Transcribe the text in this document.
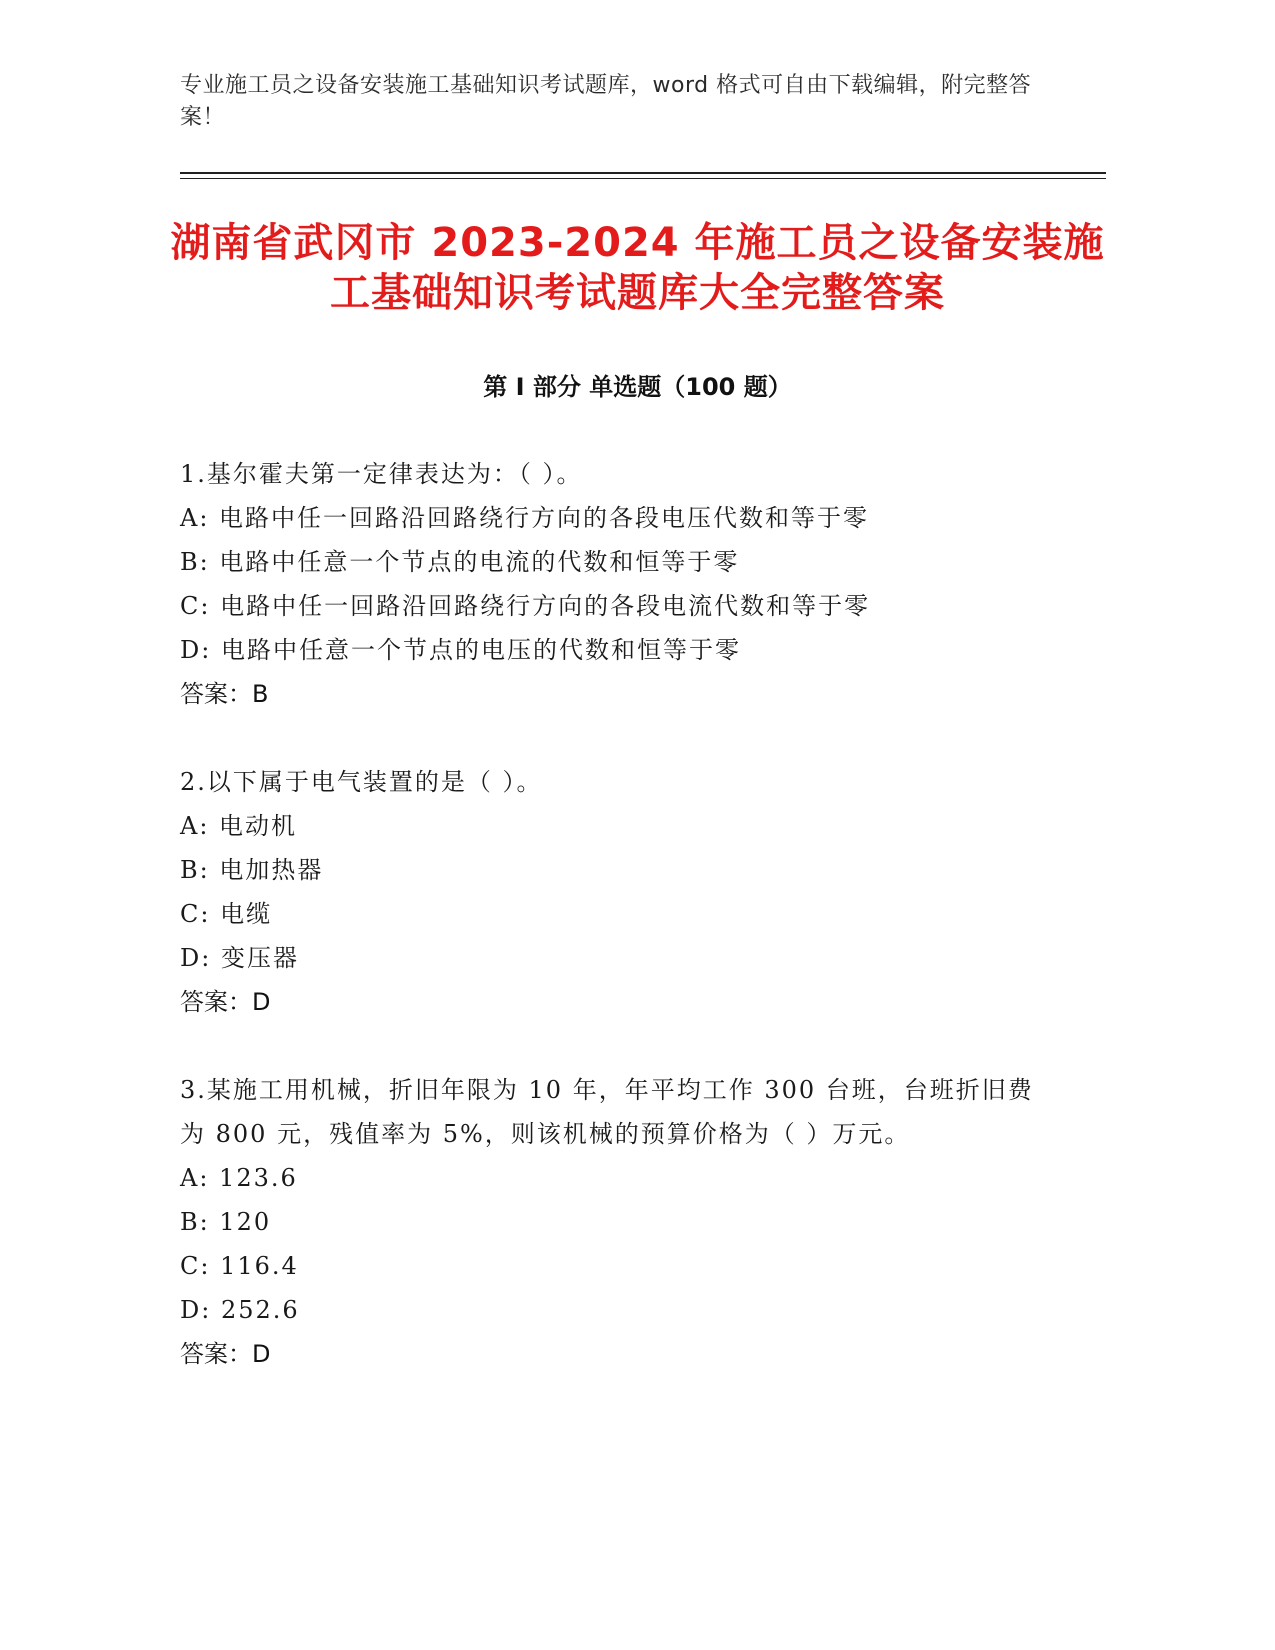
专业施工员之设备安装施工基础知识考试题库，word 格式可自由下载编辑，附完整答案！
湖南省武冈市 2023-2024 年施工员之设备安装施工基础知识考试题库大全完整答案
第 I 部分 单选题（100 题）
1.基尔霍夫第一定律表达为：（ ）。
A: 电路中任一回路沿回路绕行方向的各段电压代数和等于零
B: 电路中任意一个节点的电流的代数和恒等于零
C: 电路中任一回路沿回路绕行方向的各段电流代数和等于零
D: 电路中任意一个节点的电压的代数和恒等于零
答案：B
2.以下属于电气装置的是（ ）。
A: 电动机
B: 电加热器
C: 电缆
D: 变压器
答案：D
3.某施工用机械，折旧年限为 10 年，年平均工作 300 台班，台班折旧费为 800 元，残值率为 5%，则该机械的预算价格为（ ）万元。
A: 123.6
B: 120
C: 116.4
D: 252.6
答案：D
